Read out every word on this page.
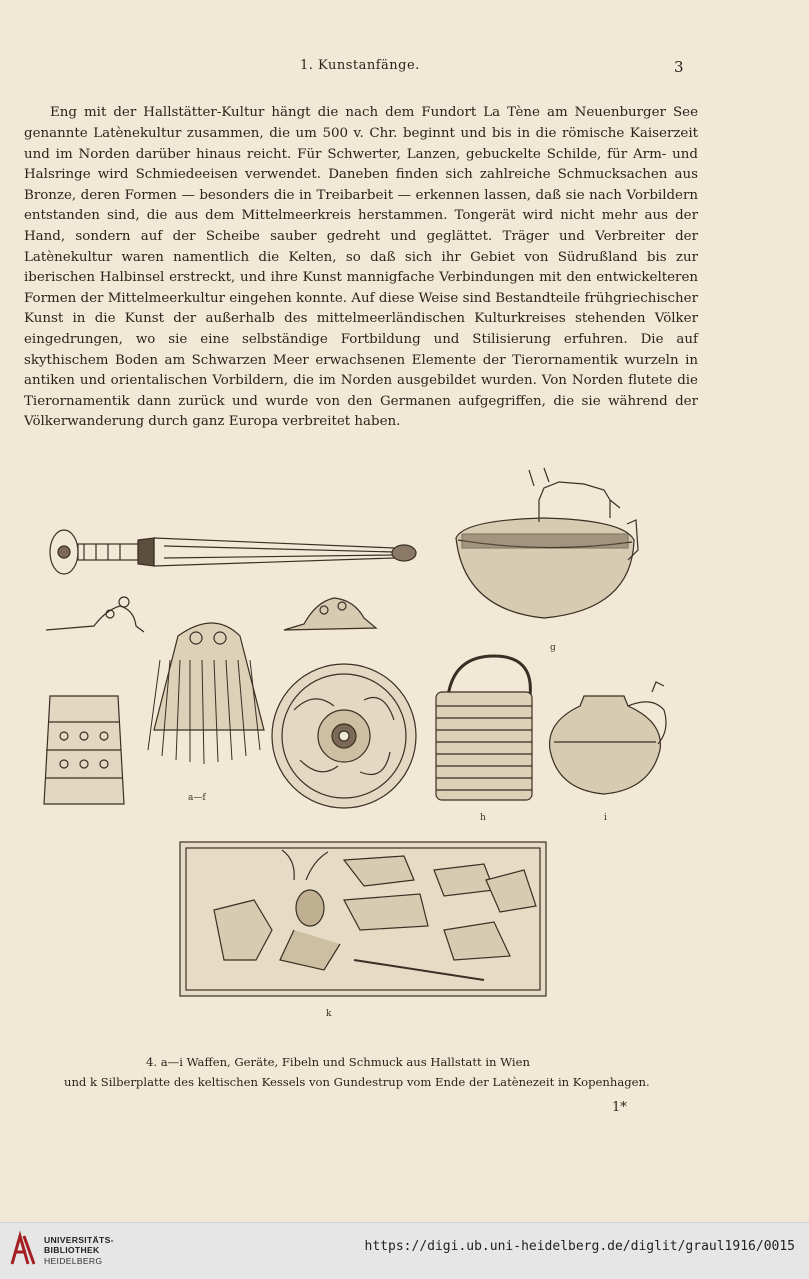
1. Kunstanfänge.	3

Eng mit der Hallstätter-Kultur hängt die nach dem Fundort La Tène am Neuenburger See genannte Latènekultur zusammen, die um 500 v. Chr. beginnt und bis in die römische Kaiserzeit und im Norden darüber hinaus reicht. Für Schwerter, Lanzen, gebuckelte Schilde, für Arm- und Halsringe wird Schmiedeeisen verwendet. Daneben finden sich zahlreiche Schmucksachen aus Bronze, deren Formen — besonders die in Treibarbeit — erkennen lassen, daß sie nach Vorbildern entstanden sind, die aus dem Mittelmeerkreis herstammen. Tongerät wird nicht mehr aus der Hand, sondern auf der Scheibe sauber gedreht und geglättet. Träger und Verbreiter der Latènekultur waren namentlich die Kelten, so daß sich ihr Gebiet von Südrußland bis zur iberischen Halbinsel erstreckt, und ihre Kunst mannigfache Verbindungen mit den entwickelteren Formen der Mittelmeerkultur eingehen konnte. Auf diese Weise sind Bestandteile frühgriechischer Kunst in die Kunst der außerhalb des mittelmeerländischen Kulturkreises stehenden Völker eingedrungen, wo sie eine selbständige Fortbildung und Stilisierung erfuhren. Die auf skythischem Boden am Schwarzen Meer erwachsenen Elemente der Tierornamentik wurzeln in antiken und orientalischen Vorbildern, die im Norden ausgebildet wurden. Von Norden flutete die Tierornamentik dann zurück und wurde von den Germanen aufgegriffen, die sie während der Völkerwanderung durch ganz Europa verbreitet haben.

a—f
g
h	i
k
4. a—i Waffen, Geräte, Fibeln und Schmuck aus Hallstatt in Wien
und k Silberplatte des keltischen Kessels von Gundestrup vom Ende der Latènezeit in Kopenhagen.
1*
UNIVERSITÄTS-
BIBLIOTHEK
HEIDELBERG
https://digi.ub.uni-heidelberg.de/diglit/graul1916/0015
